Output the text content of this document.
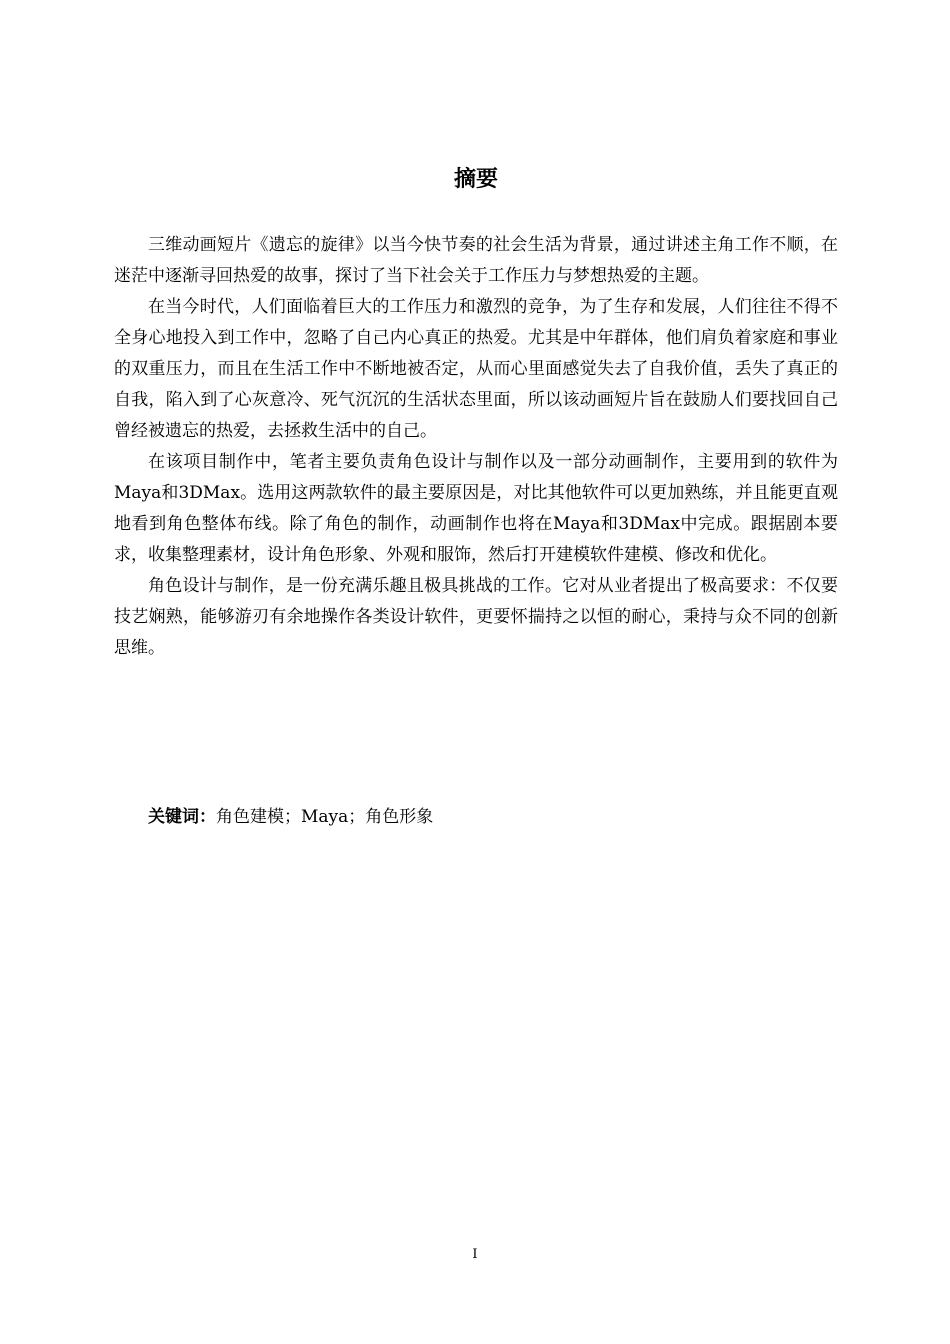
摘要

三维动画短片《遗忘的旋律》以当今快节奏的社会生活为背景，通过讲述主角工作不顺，在迷茫中逐渐寻回热爱的故事，探讨了当下社会关于工作压力与梦想热爱的主题。

在当今时代，人们面临着巨大的工作压力和激烈的竞争，为了生存和发展，人们往往不得不全身心地投入到工作中，忽略了自己内心真正的热爱。尤其是中年群体，他们肩负着家庭和事业的双重压力，而且在生活工作中不断地被否定，从而心里面感觉失去了自我价值，丢失了真正的自我，陷入到了心灰意冷、死气沉沉的生活状态里面，所以该动画短片旨在鼓励人们要找回自己曾经被遗忘的热爱，去拯救生活中的自己。

在该项目制作中，笔者主要负责角色设计与制作以及一部分动画制作，主要用到的软件为Maya和3DMax。选用这两款软件的最主要原因是，对比其他软件可以更加熟练，并且能更直观地看到角色整体布线。除了角色的制作，动画制作也将在Maya和3DMax中完成。跟据剧本要求，收集整理素材，设计角色形象、外观和服饰，然后打开建模软件建模、修改和优化。

角色设计与制作，是一份充满乐趣且极具挑战的工作。它对从业者提出了极高要求：不仅要技艺娴熟，能够游刃有余地操作各类设计软件，更要怀揣持之以恒的耐心，秉持与众不同的创新思维。

关键词：角色建模；Maya；角色形象

I
